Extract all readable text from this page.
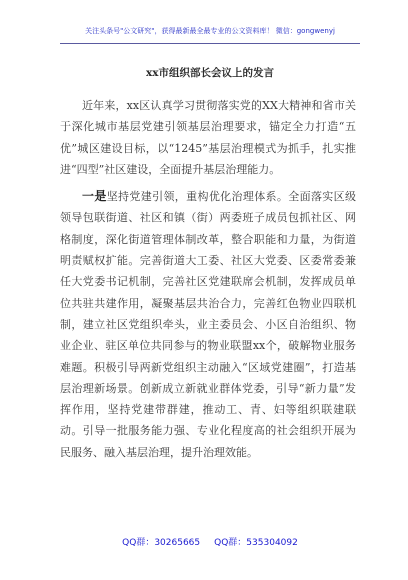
关注头条号"公文研究"，获得最新最全最专业的公文资料库！ 微信：gongwenyj
xx市组织部长会议上的发言

近年来，xx区认真学习贯彻落实党的XX大精神和省市关于深化城市基层党建引领基层治理要求，锚定全力打造“五优”城区建设目标，以“1245”基层治理模式为抓手，扎实推进“四型”社区建设，全面提升基层治理能力。

一是坚持党建引领，重构优化治理体系。全面落实区级领导包联街道、社区和镇（街）两委班子成员包抓社区、网格制度，深化街道管理体制改革，整合职能和力量，为街道明责赋权扩能。完善街道大工委、社区大党委、区委常委兼任大党委书记机制，完善社区党建联席会机制，发挥成员单位共驻共建作用，凝聚基层共治合力，完善红色物业四联机制，建立社区党组织牵头，业主委员会、小区自治组织、物业企业、驻区单位共同参与的物业联盟xx个，破解物业服务难题。积极引导两新党组织主动融入“区域党建圈”，打造基层治理新场景。创新成立新就业群体党委，引导“新力量”发挥作用，坚持党建带群建，推动工、青、妇等组织联建联动。引导一批服务能力强、专业化程度高的社会组织开展为民服务、融入基层治理，提升治理效能。

QQ群：30265665 QQ群：535304092
